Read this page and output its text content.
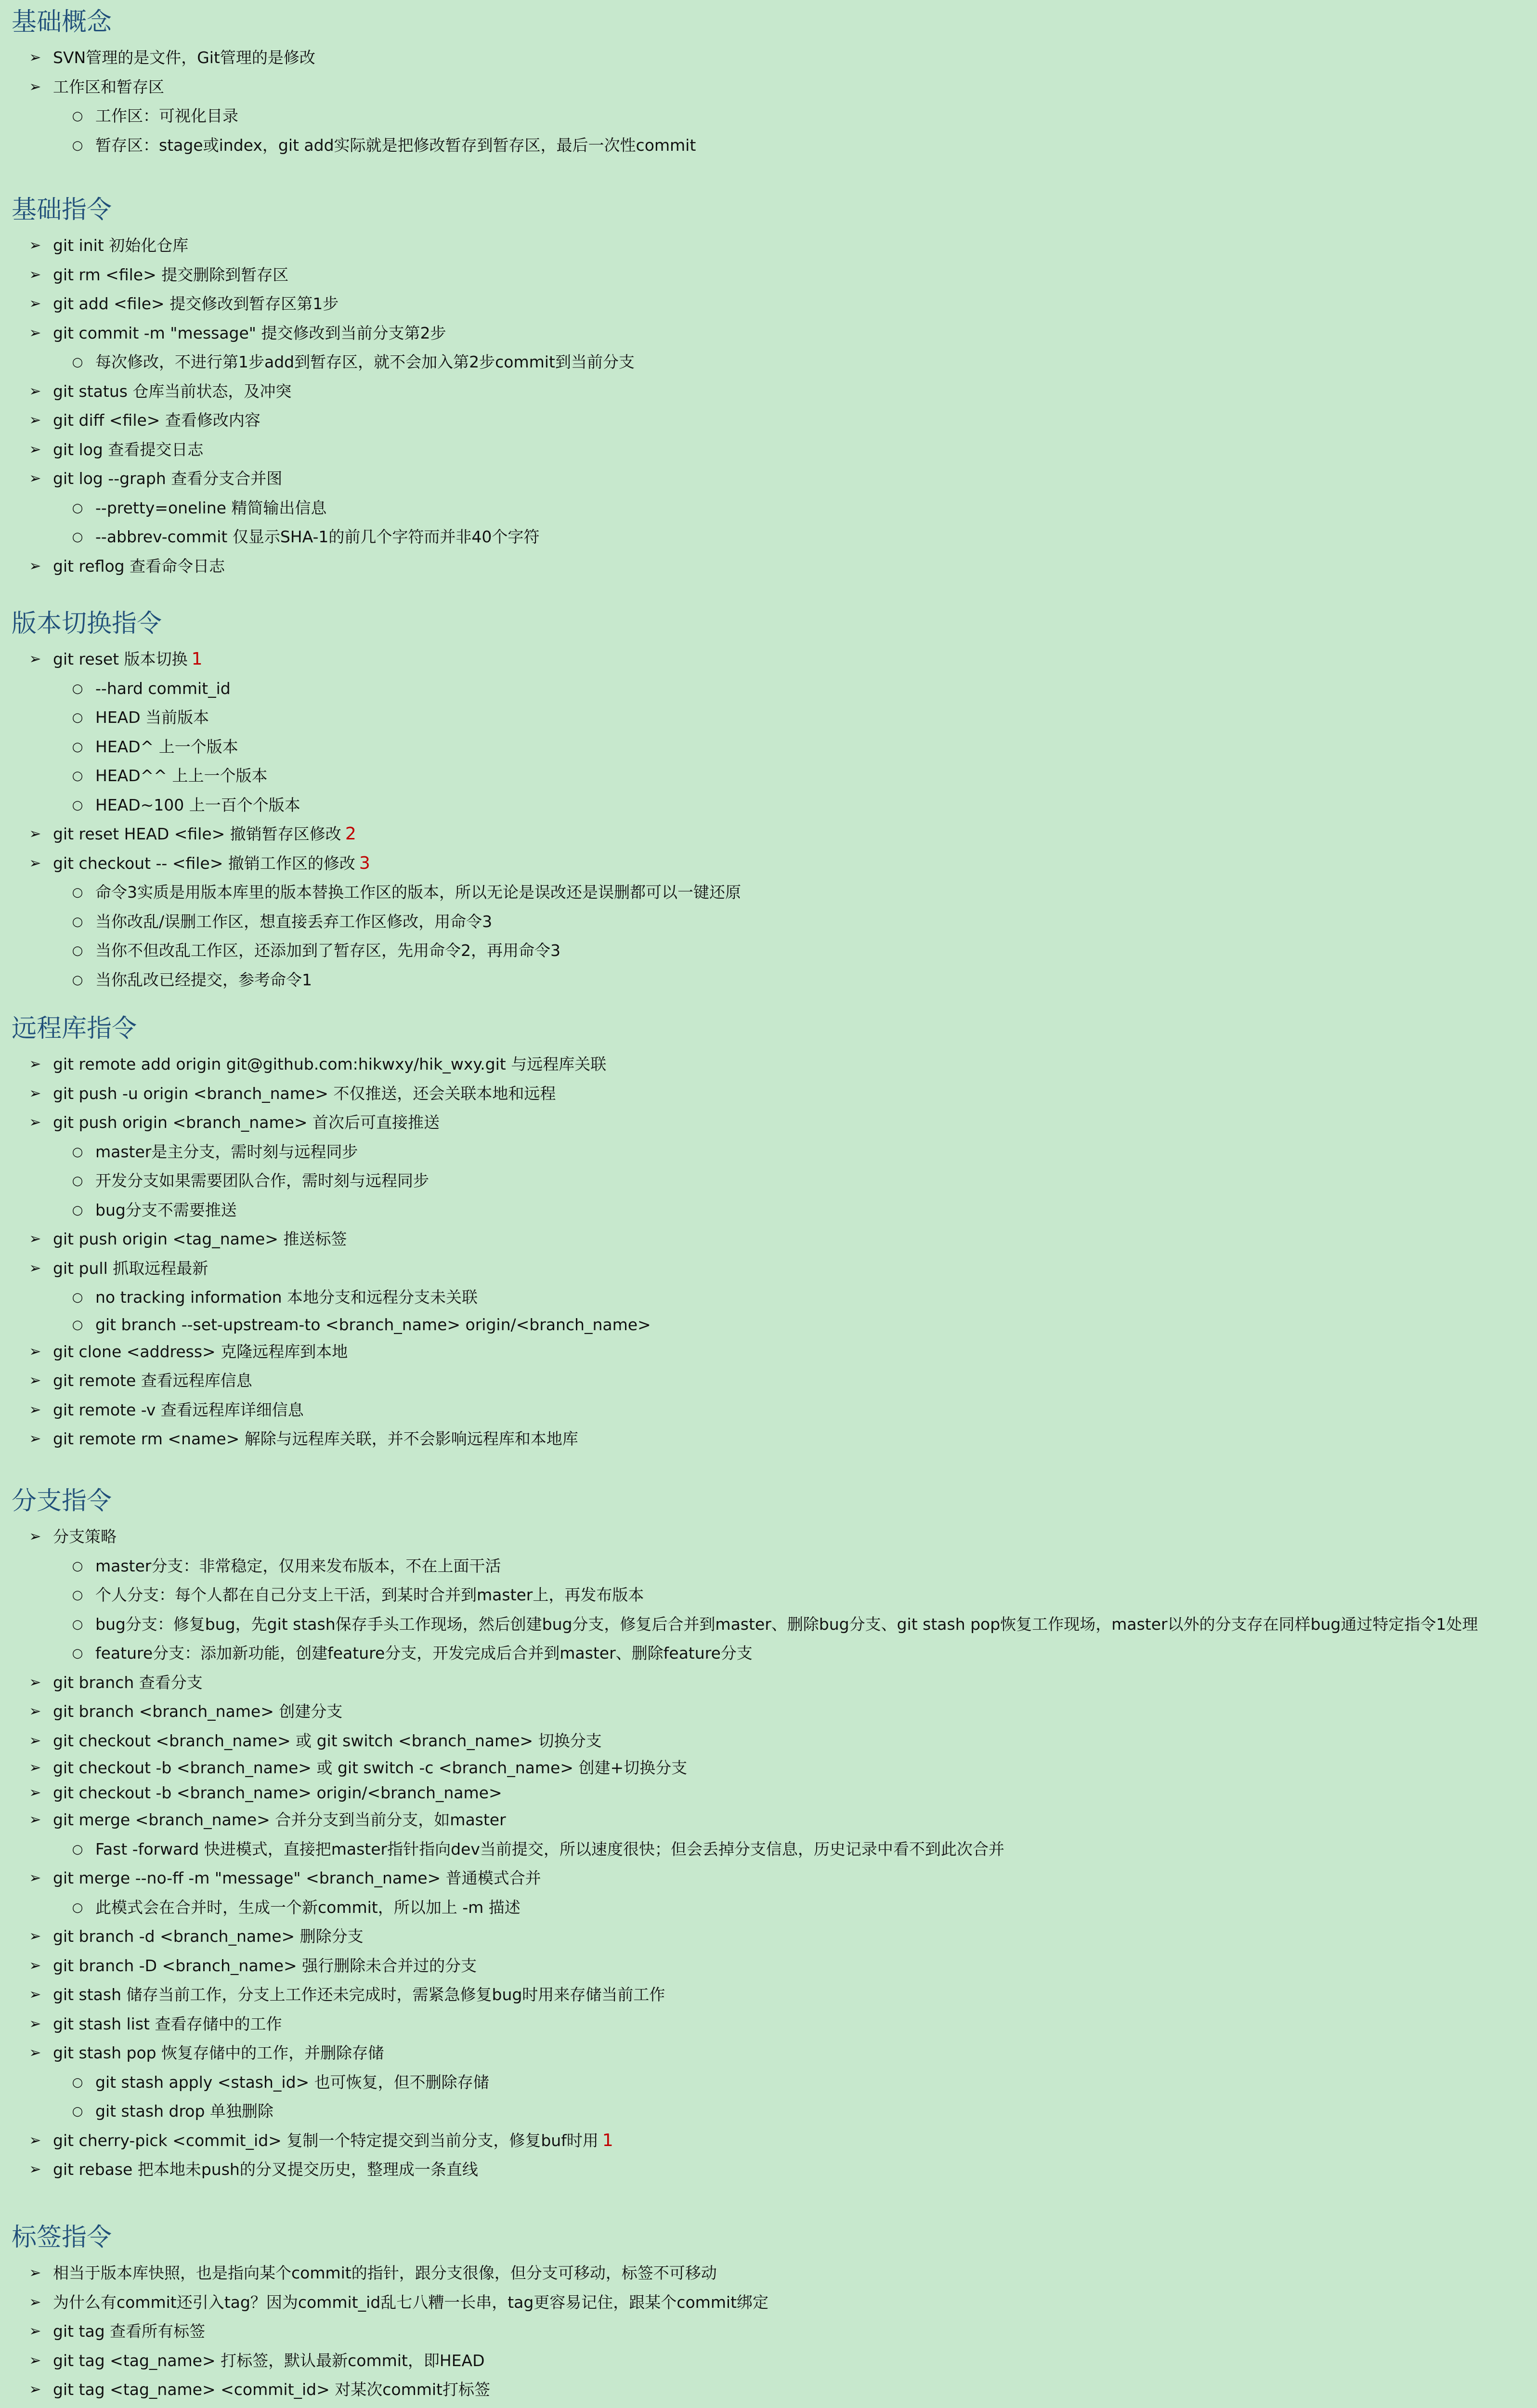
基础概念
➢ SVN管理的是文件，Git管理的是修改
➢ 工作区和暂存区
○ 工作区：可视化目录
○ 暂存区：stage或index，git add实际就是把修改暂存到暂存区，最后一次性commit
基础指令
➢ git init 初始化仓库
➢ git rm <file> 提交删除到暂存区
➢ git add <file> 提交修改到暂存区第1步
➢ git commit -m "message" 提交修改到当前分支第2步
○ 每次修改，不进行第1步add到暂存区，就不会加入第2步commit到当前分支
➢ git status 仓库当前状态，及冲突
➢ git diff <file> 查看修改内容
➢ git log 查看提交日志
➢ git log --graph 查看分支合并图
○ --pretty=oneline 精简输出信息
○ --abbrev-commit 仅显示SHA-1的前几个字符而并非40个字符
➢ git reflog 查看命令日志
版本切换指令
➢ git reset 版本切换 1
○ --hard commit_id
○ HEAD 当前版本
○ HEAD^ 上一个版本
○ HEAD^^ 上上一个版本
○ HEAD~100 上一百个个版本
➢ git reset HEAD <file> 撤销暂存区修改 2
➢ git checkout -- <file> 撤销工作区的修改 3
○ 命令3实质是用版本库里的版本替换工作区的版本，所以无论是误改还是误删都可以一键还原
○ 当你改乱/误删工作区，想直接丢弃工作区修改，用命令3
○ 当你不但改乱工作区，还添加到了暂存区，先用命令2，再用命令3
○ 当你乱改已经提交，参考命令1
远程库指令
➢ git remote add origin git@github.com:hikwxy/hik_wxy.git 与远程库关联
➢ git push -u origin <branch_name> 不仅推送，还会关联本地和远程
➢ git push origin <branch_name> 首次后可直接推送
○ master是主分支，需时刻与远程同步
○ 开发分支如果需要团队合作，需时刻与远程同步
○ bug分支不需要推送
➢ git push origin <tag_name> 推送标签
➢ git pull 抓取远程最新
○ no tracking information 本地分支和远程分支未关联
○ git branch --set-upstream-to <branch_name> origin/<branch_name>
➢ git clone <address> 克隆远程库到本地
➢ git remote 查看远程库信息
➢ git remote -v 查看远程库详细信息
➢ git remote rm <name> 解除与远程库关联，并不会影响远程库和本地库
分支指令
➢ 分支策略
○ master分支：非常稳定，仅用来发布版本，不在上面干活
○ 个人分支：每个人都在自己分支上干活，到某时合并到master上，再发布版本
○ bug分支：修复bug，先git stash保存手头工作现场，然后创建bug分支，修复后合并到master、删除bug分支、git stash pop恢复工作现场，master以外的分支存在同样bug通过特定指令1处理
○ feature分支：添加新功能，创建feature分支，开发完成后合并到master、删除feature分支
➢ git branch 查看分支
➢ git branch <branch_name> 创建分支
➢ git checkout <branch_name> 或 git switch <branch_name> 切换分支
➢ git checkout -b <branch_name> 或 git switch -c <branch_name> 创建+切换分支
➢ git checkout -b <branch_name> origin/<branch_name>
➢ git merge <branch_name> 合并分支到当前分支，如master
○ Fast -forward 快进模式，直接把master指针指向dev当前提交，所以速度很快；但会丢掉分支信息，历史记录中看不到此次合并
➢ git merge --no-ff -m "message" <branch_name> 普通模式合并
○ 此模式会在合并时，生成一个新commit，所以加上 -m 描述
➢ git branch -d <branch_name> 删除分支
➢ git branch -D <branch_name> 强行删除未合并过的分支
➢ git stash 储存当前工作，分支上工作还未完成时，需紧急修复bug时用来存储当前工作
➢ git stash list 查看存储中的工作
➢ git stash pop 恢复存储中的工作，并删除存储
○ git stash apply <stash_id> 也可恢复，但不删除存储
○ git stash drop 单独删除
➢ git cherry-pick <commit_id> 复制一个特定提交到当前分支，修复buf时用 1
➢ git rebase 把本地未push的分叉提交历史，整理成一条直线
标签指令
➢ 相当于版本库快照，也是指向某个commit的指针，跟分支很像，但分支可移动，标签不可移动
➢ 为什么有commit还引入tag？因为commit_id乱七八糟一长串，tag更容易记住，跟某个commit绑定
➢ git tag 查看所有标签
➢ git tag <tag_name> 打标签，默认最新commit，即HEAD
➢ git tag <tag_name> <commit_id> 对某次commit打标签
